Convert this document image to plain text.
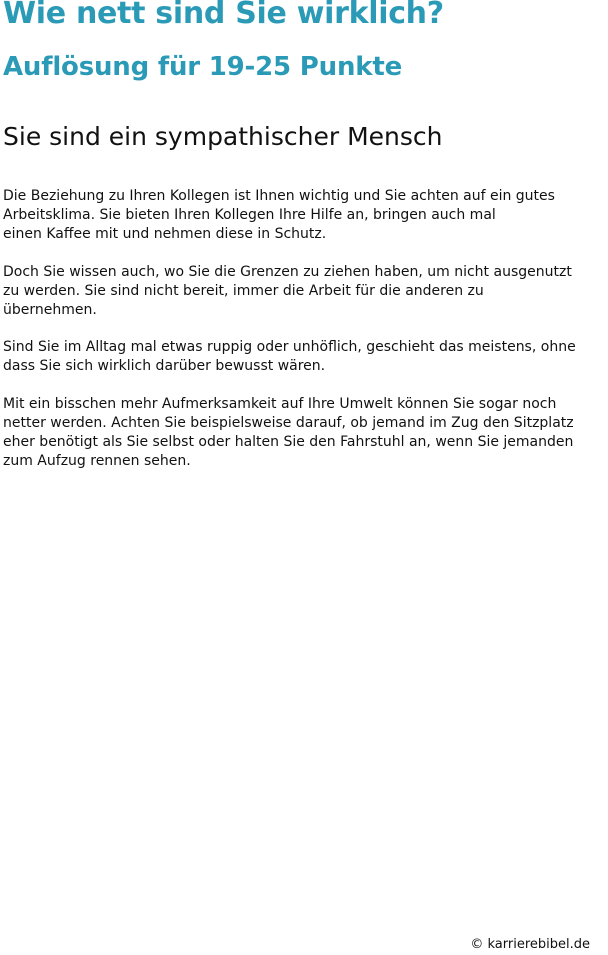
Wie nett sind Sie wirklich?
Auflösung für 19-25 Punkte
Sie sind ein sympathischer Mensch

Die Beziehung zu Ihren Kollegen ist Ihnen wichtig und Sie achten auf ein gutes
Arbeitsklima. Sie bieten Ihren Kollegen Ihre Hilfe an, bringen auch mal
einen Kaffee mit und nehmen diese in Schutz.

Doch Sie wissen auch, wo Sie die Grenzen zu ziehen haben, um nicht ausgenutzt
zu werden. Sie sind nicht bereit, immer die Arbeit für die anderen zu
übernehmen.

Sind Sie im Alltag mal etwas ruppig oder unhöflich, geschieht das meistens, ohne
dass Sie sich wirklich darüber bewusst wären.

Mit ein bisschen mehr Aufmerksamkeit auf Ihre Umwelt können Sie sogar noch
netter werden. Achten Sie beispielsweise darauf, ob jemand im Zug den Sitzplatz
eher benötigt als Sie selbst oder halten Sie den Fahrstuhl an, wenn Sie jemanden
zum Aufzug rennen sehen.

© karrierebibel.de
